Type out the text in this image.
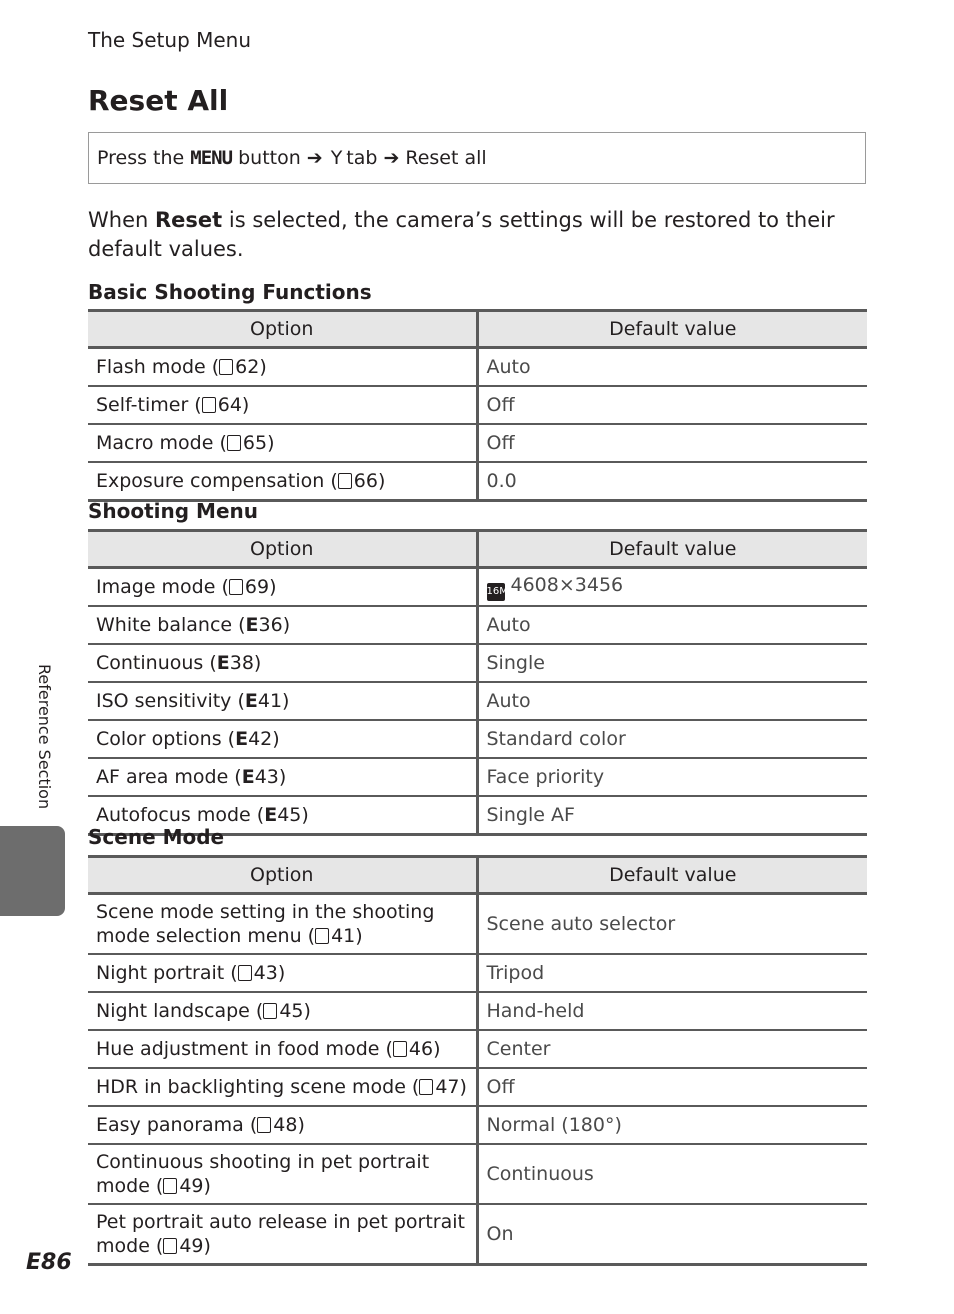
The Setup Menu
Reset All
Press the
MENU
button ➔ Y tab ➔ Reset all

When Reset is selected, the camera’s settings will be restored to their default values.

Basic Shooting Functions
Option	Default value
Flash mode ( 62)	Auto
Self-timer ( 64)	Off
Macro mode ( 65)	Off
Exposure compensation ( 66)	0.0
Shooting Menu
Option	Default value
Image mode ( 69)	16M 4608×3456
White balance (E36)	Auto
Continuous (E38)	Single
ISO sensitivity (E41)	Auto
Color options (E42)	Standard color
AF area mode (E43)	Face priority
Autofocus mode (E45)	Single AF
Scene Mode
Option	Default value
Scene mode setting in the shooting mode selection menu ( 41)	Scene auto selector
Night portrait ( 43)	Tripod
Night landscape ( 45)	Hand-held
Hue adjustment in food mode ( 46)	Center
HDR in backlighting scene mode ( 47)	Off
Easy panorama ( 48)	Normal (180°)
Continuous shooting in pet portrait mode ( 49)	Continuous
Pet portrait auto release in pet portrait mode ( 49)	On
Reference Section
E86
